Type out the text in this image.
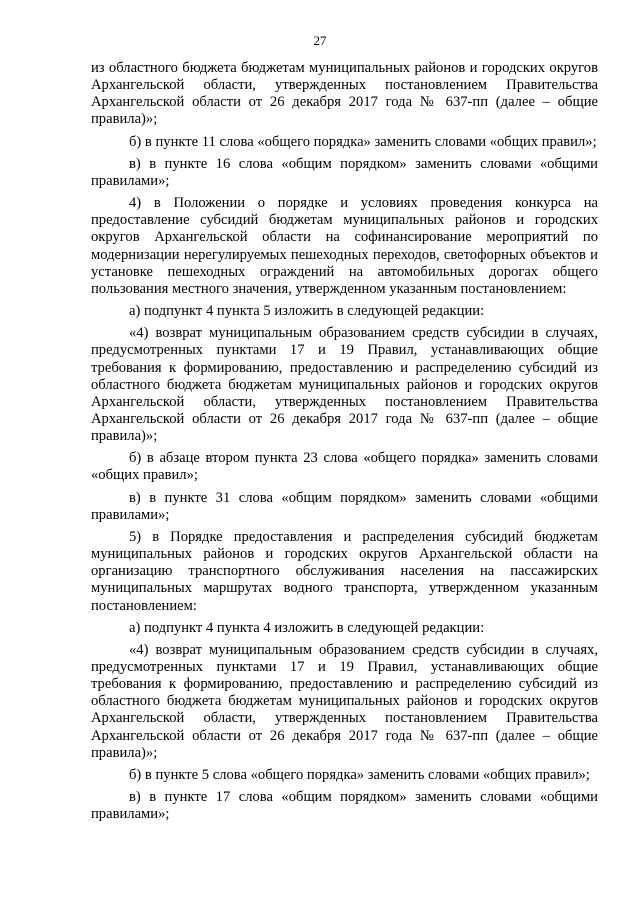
27

из областного бюджета бюджетам муниципальных районов и городских округов Архангельской области, утвержденных постановлением Правительства Архангельской области от 26 декабря 2017 года № 637-пп (далее – общие правила)»;

б) в пункте 11 слова «общего порядка» заменить словами «общих правил»;

в) в пункте 16 слова «общим порядком» заменить словами «общими правилами»;

4) в Положении о порядке и условиях проведения конкурса на предоставление субсидий бюджетам муниципальных районов и городских округов Архангельской области на софинансирование мероприятий по модернизации нерегулируемых пешеходных переходов, светофорных объектов и установке пешеходных ограждений на автомобильных дорогах общего пользования местного значения, утвержденном указанным постановлением:

а) подпункт 4 пункта 5 изложить в следующей редакции:

«4) возврат муниципальным образованием средств субсидии в случаях, предусмотренных пунктами 17 и 19 Правил, устанавливающих общие требования к формированию, предоставлению и распределению субсидий из областного бюджета бюджетам муниципальных районов и городских округов Архангельской области, утвержденных постановлением Правительства Архангельской области от 26 декабря 2017 года № 637-пп (далее – общие правила)»;

б) в абзаце втором пункта 23 слова «общего порядка» заменить словами «общих правил»;

в) в пункте 31 слова «общим порядком» заменить словами «общими правилами»;

5) в Порядке предоставления и распределения субсидий бюджетам муниципальных районов и городских округов Архангельской области на организацию транспортного обслуживания населения на пассажирских муниципальных маршрутах водного транспорта, утвержденном указанным постановлением:

а) подпункт 4 пункта 4 изложить в следующей редакции:

«4) возврат муниципальным образованием средств субсидии в случаях, предусмотренных пунктами 17 и 19 Правил, устанавливающих общие требования к формированию, предоставлению и распределению субсидий из областного бюджета бюджетам муниципальных районов и городских округов Архангельской области, утвержденных постановлением Правительства Архангельской области от 26 декабря 2017 года № 637-пп (далее – общие правила)»;

б) в пункте 5 слова «общего порядка» заменить словами «общих правил»;

в) в пункте 17 слова «общим порядком» заменить словами «общими правилами»;
